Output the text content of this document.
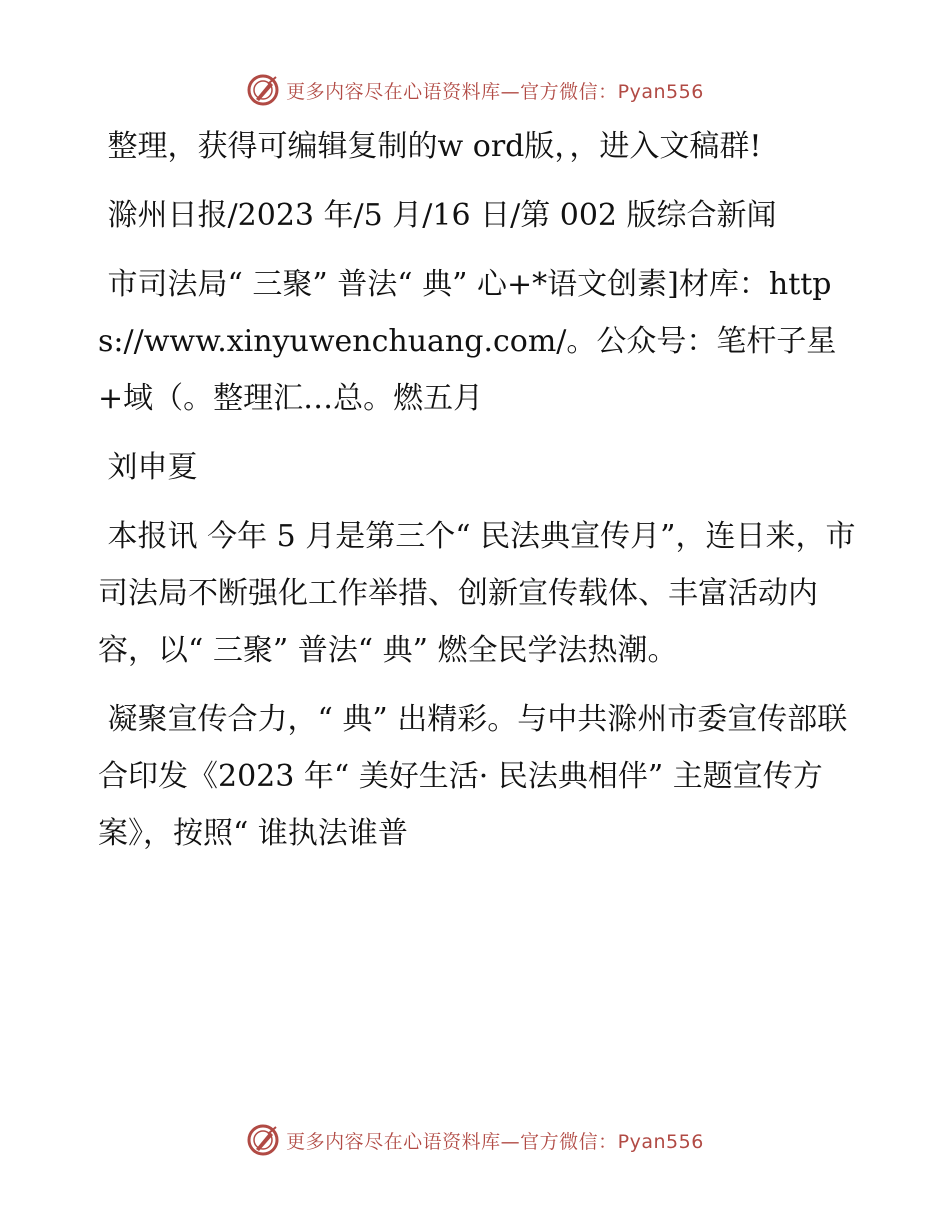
更多内容尽在心语资料库—官方微信：Pyan556

整理，获得可编辑复制的w ord版，，进入文稿群!

滁州日报/2023 年/5 月/16 日/第 002 版综合新闻

市司法局“ 三聚” 普法“ 典” 心+*语文创素]材库：https://www.xinyuwenchuang.com/。公众号：笔杆子星+域（。整理汇…总。燃五月

刘申夏

本报讯 今年 5 月是第三个“ 民法典宣传月”，连日来，市司法局不断强化工作举措、创新宣传载体、丰富活动内容，以“ 三聚” 普法“ 典” 燃全民学法热潮。

凝聚宣传合力，“ 典” 出精彩。与中共滁州市委宣传部联合印发《2023 年“ 美好生活· 民法典相伴” 主题宣传方案》，按照“ 谁执法谁普

更多内容尽在心语资料库—官方微信：Pyan556
